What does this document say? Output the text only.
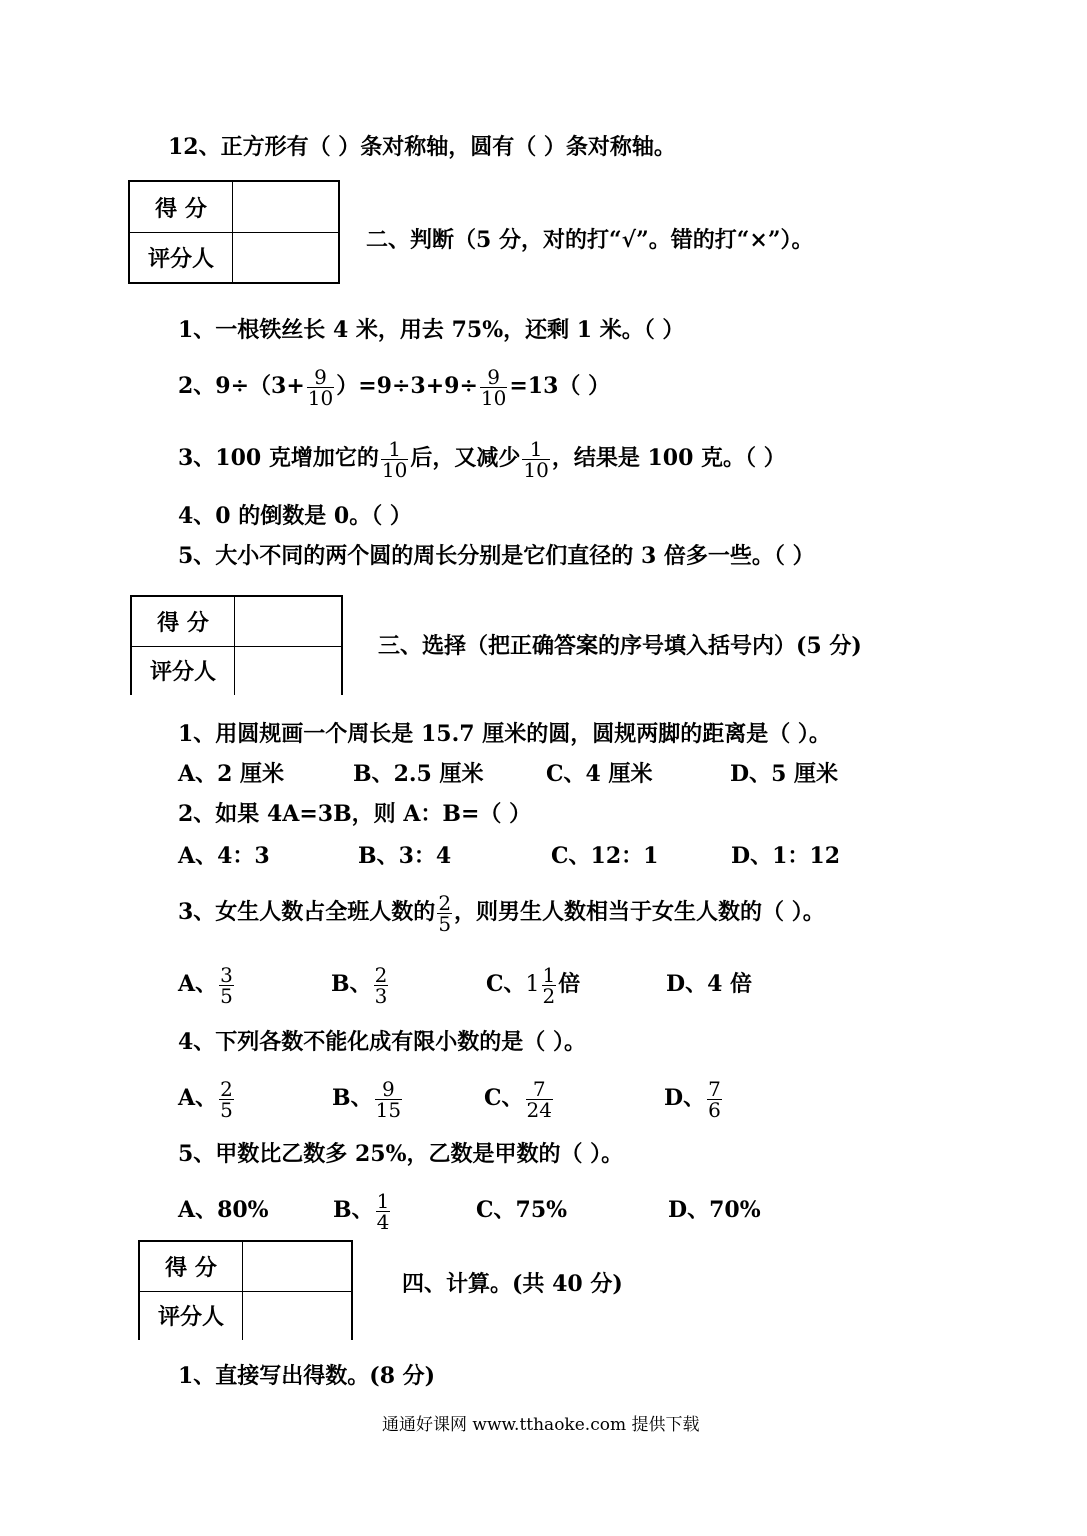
12、正方形有（ ）条对称轴，圆有（ ）条对称轴。
得 分
评分人
二、判断（5 分，对的打“√”。错的打“×”）。
1、一根铁丝长 4 米，用去 75%，还剩 1 米。（ ）
2、$9\div(3+ \frac{9}{10} )=9\div 3+9\div \frac{9}{10} =13$（ ）
3、100 克增加它的 $\frac{1}{10}$ 后，又减少 $\frac{1}{10}$ ，结果是 100 克。（ ）
4、0 的倒数是 0。（ ）
5、大小不同的两个圆的周长分别是它们直径的 3 倍多一些。（ ）
得 分
评分人
三、选择（把正确答案的序号填入括号内）(5 分)
1、用圆规画一个周长是 15.7 厘米的圆，圆规两脚的距离是（ ）。
A、2 厘米	B、2.5 厘米	C、4 厘米	D、5 厘米
2、如果 4A=3B，则 A：B=（ ）
A、4：3	B、3：4	C、12：1	D、1：12
3、女生人数占全班人数的 $\frac{2}{5}$ ，则男生人数相当于女生人数的（ ）。
A、 $\frac{3}{5}$	B、 $\frac{2}{3}$	C、$1 \frac{1}{2}$ 倍	D、4 倍
4、下列各数不能化成有限小数的是（ ）。
A、 $\frac{2}{5}$	B、 $\frac{9}{15}$	C、 $\frac{7}{24}$	D、 $\frac{7}{6}$
5、甲数比乙数多 25%，乙数是甲数的（ ）。
A、80%	B、 $\frac{1}{4}$	C、75%	D、70%
得 分
评分人
四、计算。(共 40 分)
1、直接写出得数。(8 分)
通通好课网 www.tthaoke.com 提供下载
